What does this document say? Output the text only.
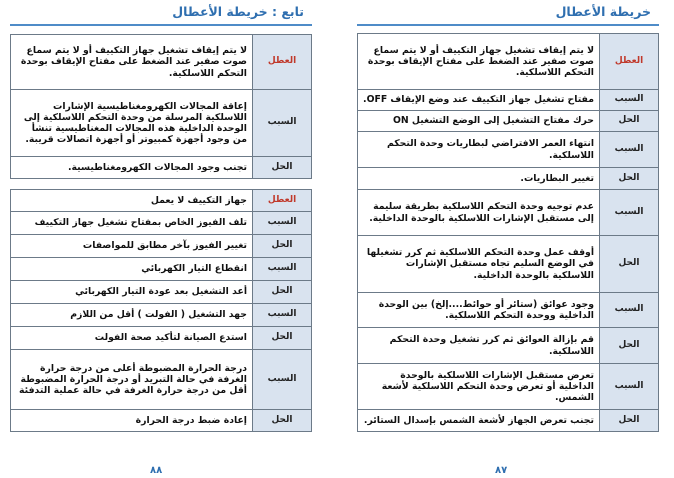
تابع : خريطة الأعطال
العطل	لا يتم إيقاف تشغيل جهاز التكييف أو لا يتم سماع صوت صفير عند الضغط على مفتاح الإيقاف بوحدة التحكم اللاسلكية.
السبب	إعاقة المجالات الكهرومغناطيسية الإشارات اللاسلكية المرسلة من وحدة التحكم اللاسلكية إلى الوحدة الداخلية هذه المجالات المغناطيسية تنشأ من وجود أجهزة كمبيوتر أو أجهزة اتصالات قريبة.
الحل	تجنب وجود المجالات الكهرومغناطيسية.
العطل	جهاز التكييف لا يعمل
السبب	تلف الفيوز الخاص بمفتاح تشغيل جهاز التكييف
الحل	تغيير الفيوز بآخر مطابق للمواصفات
السبب	انقطاع التيار الكهربائي
الحل	أعد التشغيل بعد عودة التيار الكهربائي
السبب	جهد التشغيل ( الفولت ) أقل من اللازم
الحل	استدع الصيانة لتأكيد صحة الفولت
السبب	درجة الحرارة المضبوطة أعلى من درجة حرارة الغرفة في حالة التبريد أو درجة الحرارة المضبوطة أقل من درجة حرارة الغرفة في حالة عملية التدفئة
الحل	إعادة ضبط درجة الحرارة
٨٨
خريطة الأعطال
العطل	لا يتم إيقاف تشغيل جهاز التكييف أو لا يتم سماع صوت صفير عند الضغط على مفتاح الإيقاف بوحدة التحكم اللاسلكية.
السبب	مفتاح تشغيل جهاز التكييف عند وضع الإيقاف OFF.
الحل	حرك مفتاح التشغيل إلى الوضع التشغيل ON
السبب	انتهاء العمر الافتراضي لبطاريات وحدة التحكم اللاسلكية.
الحل	تغيير البطاريات.
السبب	عدم توجيه وحدة التحكم اللاسلكية بطريقة سليمة إلى مستقبل الإشارات اللاسلكية بالوحدة الداخلية.
الحل	أوقف عمل وحدة التحكم اللاسلكية ثم كرر تشغيلها في الوضع السليم تجاه مستقبل الإشارات اللاسلكية بالوحدة الداخلية.
السبب	وجود عوائق (ستائر أو حوائط....إلخ) بين الوحدة الداخلية ووحدة التحكم اللاسلكية.
الحل	قم بإزالة العوائق ثم كرر تشغيل وحدة التحكم اللاسلكية.
السبب	تعرض مستقبل الإشارات اللاسلكية بالوحدة الداخلية أو تعرض وحدة التحكم اللاسلكية لأشعة الشمس.
الحل	تجنب تعرض الجهاز لأشعة الشمس بإسدال الستائر.
٨٧
